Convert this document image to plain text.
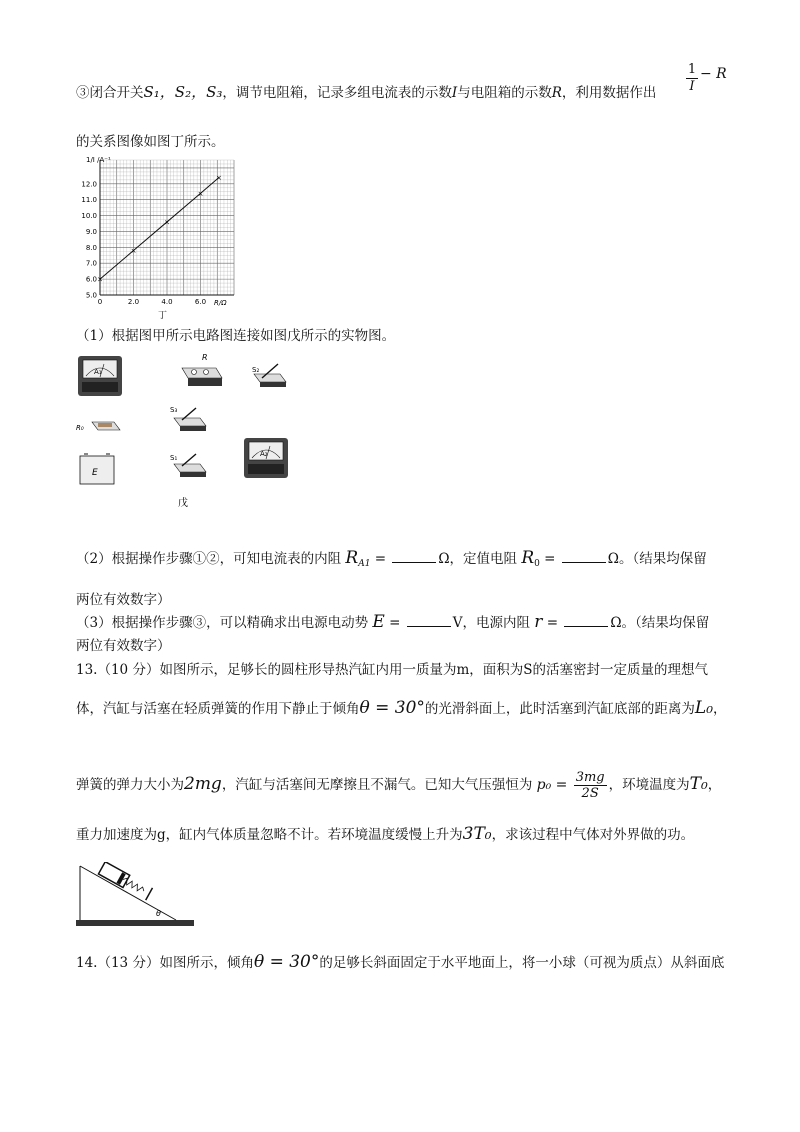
③闭合开关S₁，S₂，S₃，调节电阻箱，记录多组电流表的示数I与电阻箱的示数R，利用数据作出 $\frac{1}{I} - R$
的关系图像如图丁所示。
5.0
6.0
7.0
8.0
9.0
10.0
11.0
12.0
0	2.0	4.0	6.0
1/I /A⁻¹
R/Ω
×
×
×
×
×
丁
（1）根据图甲所示电路图连接如图戊所示的实物图。
A₁
R
S₂
S₃
R₀
E
S₁	A₂
戊
（2）根据操作步骤①②，可知电流表的内阻 $R_{A1}$ =	Ω，定值电阻 $R_0$ =	Ω。（结果均保留
两位有效数字）
（3）根据操作步骤③，可以精确求出电源电动势 E =	V，电源内阻 r =	Ω。（结果均保留
两位有效数字）
13.（10 分）如图所示，足够长的圆柱形导热汽缸内用一质量为m，面积为S的活塞密封一定质量的理想气
体，汽缸与活塞在轻质弹簧的作用下静止于倾角θ = 30°的光滑斜面上，此时活塞到汽缸底部的距离为L₀，
弹簧的弹力大小为2mg，汽缸与活塞间无摩擦且不漏气。已知大气压强恒为 $p_0 = \frac{3mg}{2S}$ ，环境温度为T₀，
重力加速度为g，缸内气体质量忽略不计。若环境温度缓慢上升为3T₀，求该过程中气体对外界做的功。
θ
14.（13 分）如图所示，倾角θ = 30°的足够长斜面固定于水平地面上，将一小球（可视为质点）从斜面底
